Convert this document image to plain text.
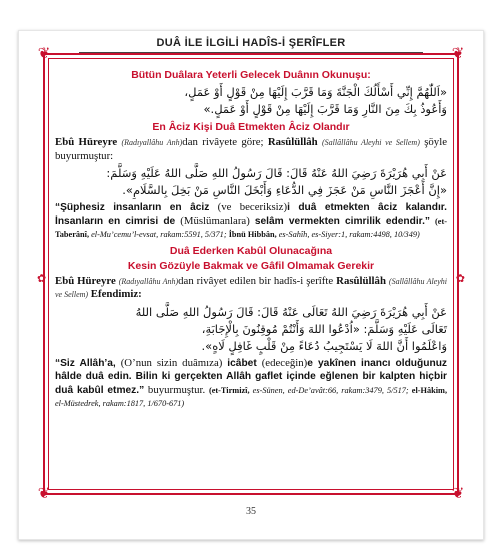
DUÂ İLE İLGİLİ HADÎS-İ ŞERÎFLER
❦	❦
❦	❦
✿	✿

Bütün Duâlara Yeterli Gelecek Duânın Okunuşu:

«اَللّٰهُمَّ إِنِّي أَسْأَلُكَ الْجَنَّةَ وَمَا قَرَّبَ إِلَيْهَا مِنْ قَوْلٍ أَوْ عَمَلٍ،

وَأَعُوذُ بِكَ مِنَ النَّارِ وَمَا قَرَّبَ إِلَيْهَا مِنْ قَوْلٍ أَوْ عَمَلٍ.»

En Âciz Kişi Duâ Etmekten Âciz Olandır

Ebû Hüreyre (Radıyallâhu Anh)dan rivâyete göre; Rasûlüllâh (Sallâllâhu Aleyhi ve Sellem) şöyle buyurmuştur:

عَنْ أَبِي هُرَيْرَةَ رَضِيَ اللهُ عَنْهُ قَالَ: قَالَ رَسُولُ اللهِ صَلَّى اللهُ عَلَيْهِ وَسَلَّمَ:

«إِنَّ أَعْجَزَ النَّاسِ مَنْ عَجَزَ فِي الدُّعَاءِ وَأَبْخَلَ النَّاسِ مَنْ بَخِلَ بِالسَّلَامِ».

“Şüphesiz insanların en âciz (ve beceriksiz)i duâ etmekten âciz kalandır. İnsanların en cimrisi de (Müslümanlara) selâm vermekten cimrilik edendir.” (et-Taberânî, el-Mu’cemu’l-evsat, rakam:5591, 5/371; İbnü Hibbân, es-Sahîh, es-Siyer:1, rakam:4498, 10/349)

Duâ Ederken Kabûl Olunacağına

Kesin Gözüyle Bakmak ve Gâfil Olmamak Gerekir

Ebû Hüreyre (Radıyallâhu Anh)dan rivâyet edilen bir hadîs-i şerîfte Rasûlüllâh (Sallâllâhu Aleyhi ve Sellem) Efendimiz:

عَنْ أَبِي هُرَيْرَةَ رَضِيَ اللهُ تَعَالَى عَنْهُ قَالَ: قَالَ رَسُولُ اللهِ صَلَّى اللهُ

تَعَالَى عَلَيْهِ وَسَلَّمَ: «اُدْعُوا اللهَ وَأَنْتُمْ مُوقِنُونَ بِالْإِجَابَةِ،

وَاعْلَمُوا أَنَّ اللهَ لَا يَسْتَجِيبُ دُعَاءً مِنْ قَلْبٍ غَافِلٍ لَاهٍ».

“Siz Allâh’a, (O’nun sizin duâmıza) icâbet (edeceğin)e yakînen inancı olduğunuz hâlde duâ edin. Bilin ki gerçekten Allâh gaflet içinde eğlenen bir kalpten hiçbir duâ kabûl etmez.” buyurmuştur. (et-Tirmizî, es-Sünen, ed-De’avât:66, rakam:3479, 5/517; el-Hâkim, el-Müstedrek, rakam:1817, 1/670-671)

35
